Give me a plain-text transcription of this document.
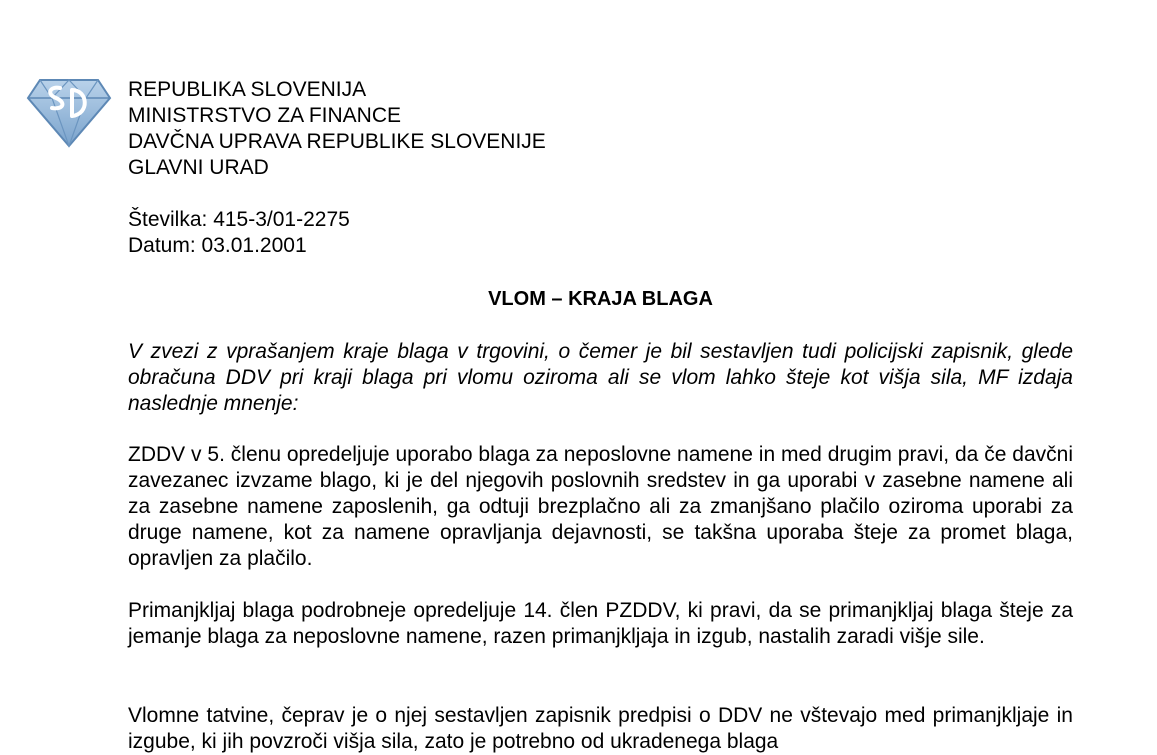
REPUBLIKA SLOVENIJA
MINISTRSTVO ZA FINANCE
DAVČNA UPRAVA REPUBLIKE SLOVENIJE
GLAVNI URAD
Številka: 415-3/01-2275
Datum: 03.01.2001
VLOM – KRAJA BLAGA

V zvezi z vprašanjem kraje blaga v trgovini, o čemer je bil sestavljen tudi policijski zapisnik, glede obračuna DDV pri kraji blaga pri vlomu oziroma ali se vlom lahko šteje kot višja sila, MF izdaja naslednje mnenje:

ZDDV v 5. členu opredeljuje uporabo blaga za neposlovne namene in med drugim pravi, da če davčni zavezanec izvzame blago, ki je del njegovih poslovnih sredstev in ga uporabi v zasebne namene ali za zasebne namene zaposlenih, ga odtuji brezplačno ali za zmanjšano plačilo oziroma uporabi za druge namene, kot za namene opravljanja dejavnosti, se takšna uporaba šteje za promet blaga, opravljen za plačilo.

Primanjkljaj blaga podrobneje opredeljuje 14. člen PZDDV, ki pravi, da se primanjkljaj blaga šteje za jemanje blaga za neposlovne namene, razen primanjkljaja in izgub, nastalih zaradi višje sile.

Vlomne tatvine, čeprav je o njej sestavljen zapisnik predpisi o DDV ne vštevajo med primanjkljaje in izgube, ki jih povzroči višja sila, zato je potrebno od ukradenega blaga
